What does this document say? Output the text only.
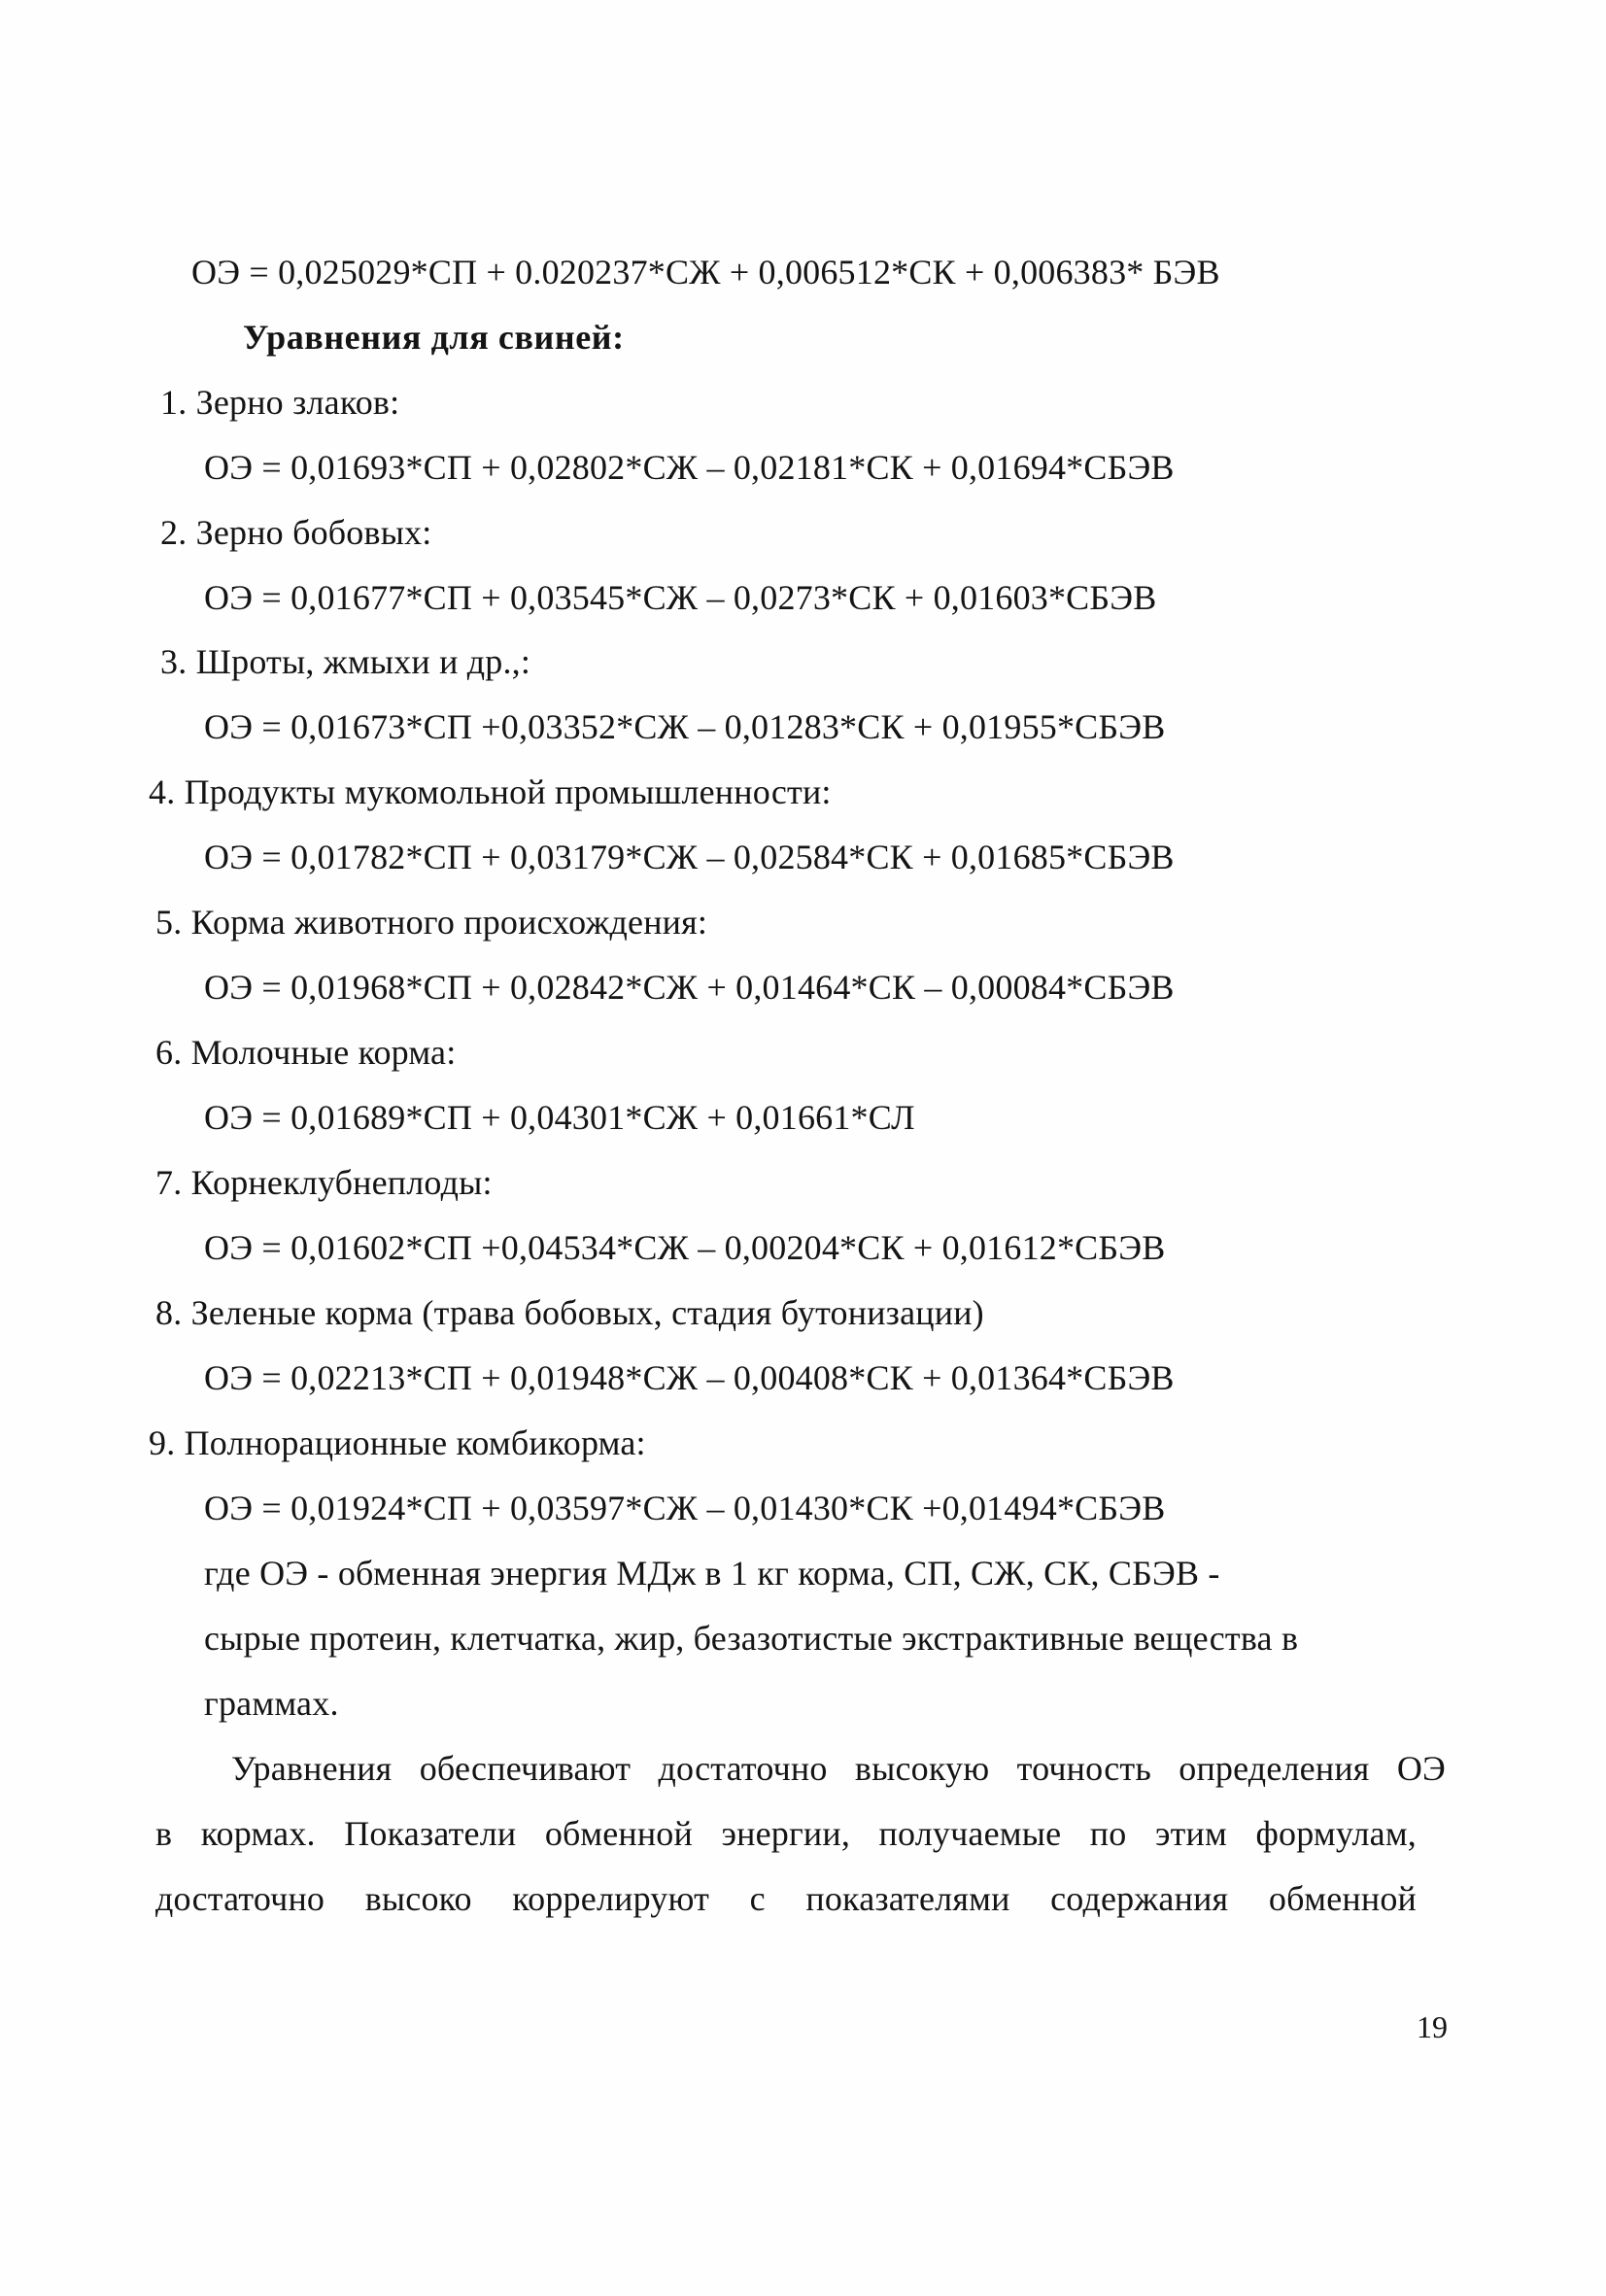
ОЭ = 0,025029*СП + 0.020237*СЖ + 0,006512*СК + 0,006383* БЭВ
Уравнения для свиней:
1. Зерно злаков:
ОЭ = 0,01693*СП + 0,02802*СЖ – 0,02181*СК + 0,01694*СБЭВ
2. Зерно бобовых:
ОЭ = 0,01677*СП + 0,03545*СЖ – 0,0273*СК + 0,01603*СБЭВ
3. Шроты, жмыхи и др.,:
ОЭ = 0,01673*СП +0,03352*СЖ – 0,01283*СК + 0,01955*СБЭВ
4. Продукты мукомольной промышленности:
ОЭ = 0,01782*СП + 0,03179*СЖ – 0,02584*СК + 0,01685*СБЭВ
5. Корма животного происхождения:
ОЭ = 0,01968*СП + 0,02842*СЖ + 0,01464*СК – 0,00084*СБЭВ
6. Молочные корма:
ОЭ = 0,01689*СП + 0,04301*СЖ + 0,01661*СЛ
7. Корнеклубнеплоды:
ОЭ = 0,01602*СП +0,04534*СЖ – 0,00204*СК + 0,01612*СБЭВ
8. Зеленые корма (трава бобовых, стадия бутонизации)
ОЭ = 0,02213*СП + 0,01948*СЖ – 0,00408*СК + 0,01364*СБЭВ
9. Полнорационные комбикорма:
ОЭ = 0,01924*СП + 0,03597*СЖ – 0,01430*СК +0,01494*СБЭВ
где ОЭ - обменная энергия МДж в 1 кг корма, СП, СЖ, СК, СБЭВ -
сырые протеин, клетчатка, жир, безазотистые экстрактивные вещества в
граммах.
Уравнения обеспечивают достаточно высокую точность определения ОЭ
в кормах. Показатели обменной энергии, получаемые по этим формулам,
достаточно высоко коррелируют с показателями содержания обменной
19
